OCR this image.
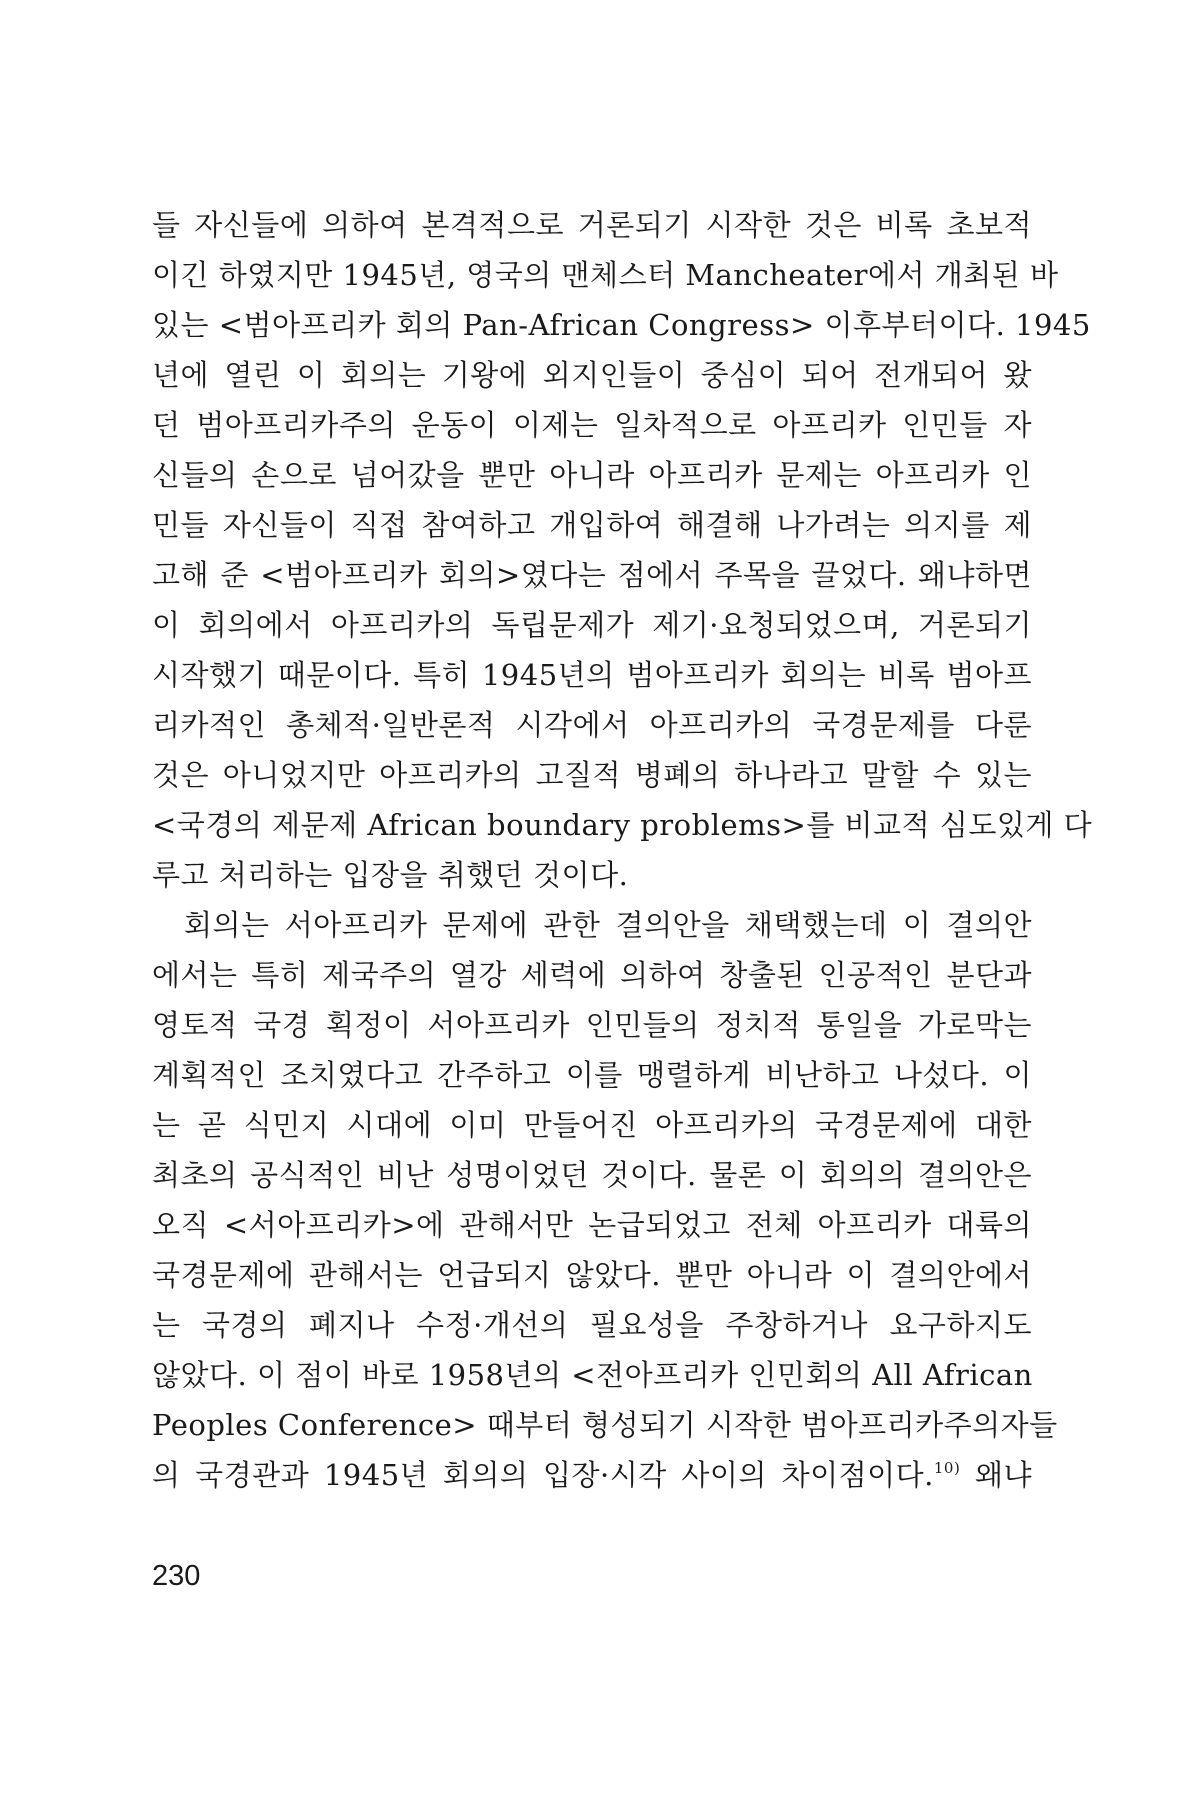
들 자신들에 의하여 본격적으로 거론되기 시작한 것은 비록 초보적
이긴 하였지만 1945년, 영국의 맨체스터 Mancheater에서 개최된 바
있는 <범아프리카 회의 Pan-African Congress> 이후부터이다. 1945
년에 열린 이 회의는 기왕에 외지인들이 중심이 되어 전개되어 왔
던 범아프리카주의 운동이 이제는 일차적으로 아프리카 인민들 자
신들의 손으로 넘어갔을 뿐만 아니라 아프리카 문제는 아프리카 인
민들 자신들이 직접 참여하고 개입하여 해결해 나가려는 의지를 제
고해 준 <범아프리카 회의>였다는 점에서 주목을 끌었다. 왜냐하면
이 회의에서 아프리카의 독립문제가 제기·요청되었으며, 거론되기
시작했기 때문이다. 특히 1945년의 범아프리카 회의는 비록 범아프
리카적인 총체적·일반론적 시각에서 아프리카의 국경문제를 다룬
것은 아니었지만 아프리카의 고질적 병폐의 하나라고 말할 수 있는
<국경의 제문제 African boundary problems>를 비교적 심도있게 다
루고 처리하는 입장을 취했던 것이다.
회의는 서아프리카 문제에 관한 결의안을 채택했는데 이 결의안
에서는 특히 제국주의 열강 세력에 의하여 창출된 인공적인 분단과
영토적 국경 획정이 서아프리카 인민들의 정치적 통일을 가로막는
계획적인 조치였다고 간주하고 이를 맹렬하게 비난하고 나섰다. 이
는 곧 식민지 시대에 이미 만들어진 아프리카의 국경문제에 대한
최초의 공식적인 비난 성명이었던 것이다. 물론 이 회의의 결의안은
오직 <서아프리카>에 관해서만 논급되었고 전체 아프리카 대륙의
국경문제에 관해서는 언급되지 않았다. 뿐만 아니라 이 결의안에서
는 국경의 폐지나 수정·개선의 필요성을 주창하거나 요구하지도
않았다. 이 점이 바로 1958년의 <전아프리카 인민회의 All African
Peoples Conference> 때부터 형성되기 시작한 범아프리카주의자들
의 국경관과 1945년 회의의 입장·시각 사이의 차이점이다.$^{10)}$ 왜냐
230
